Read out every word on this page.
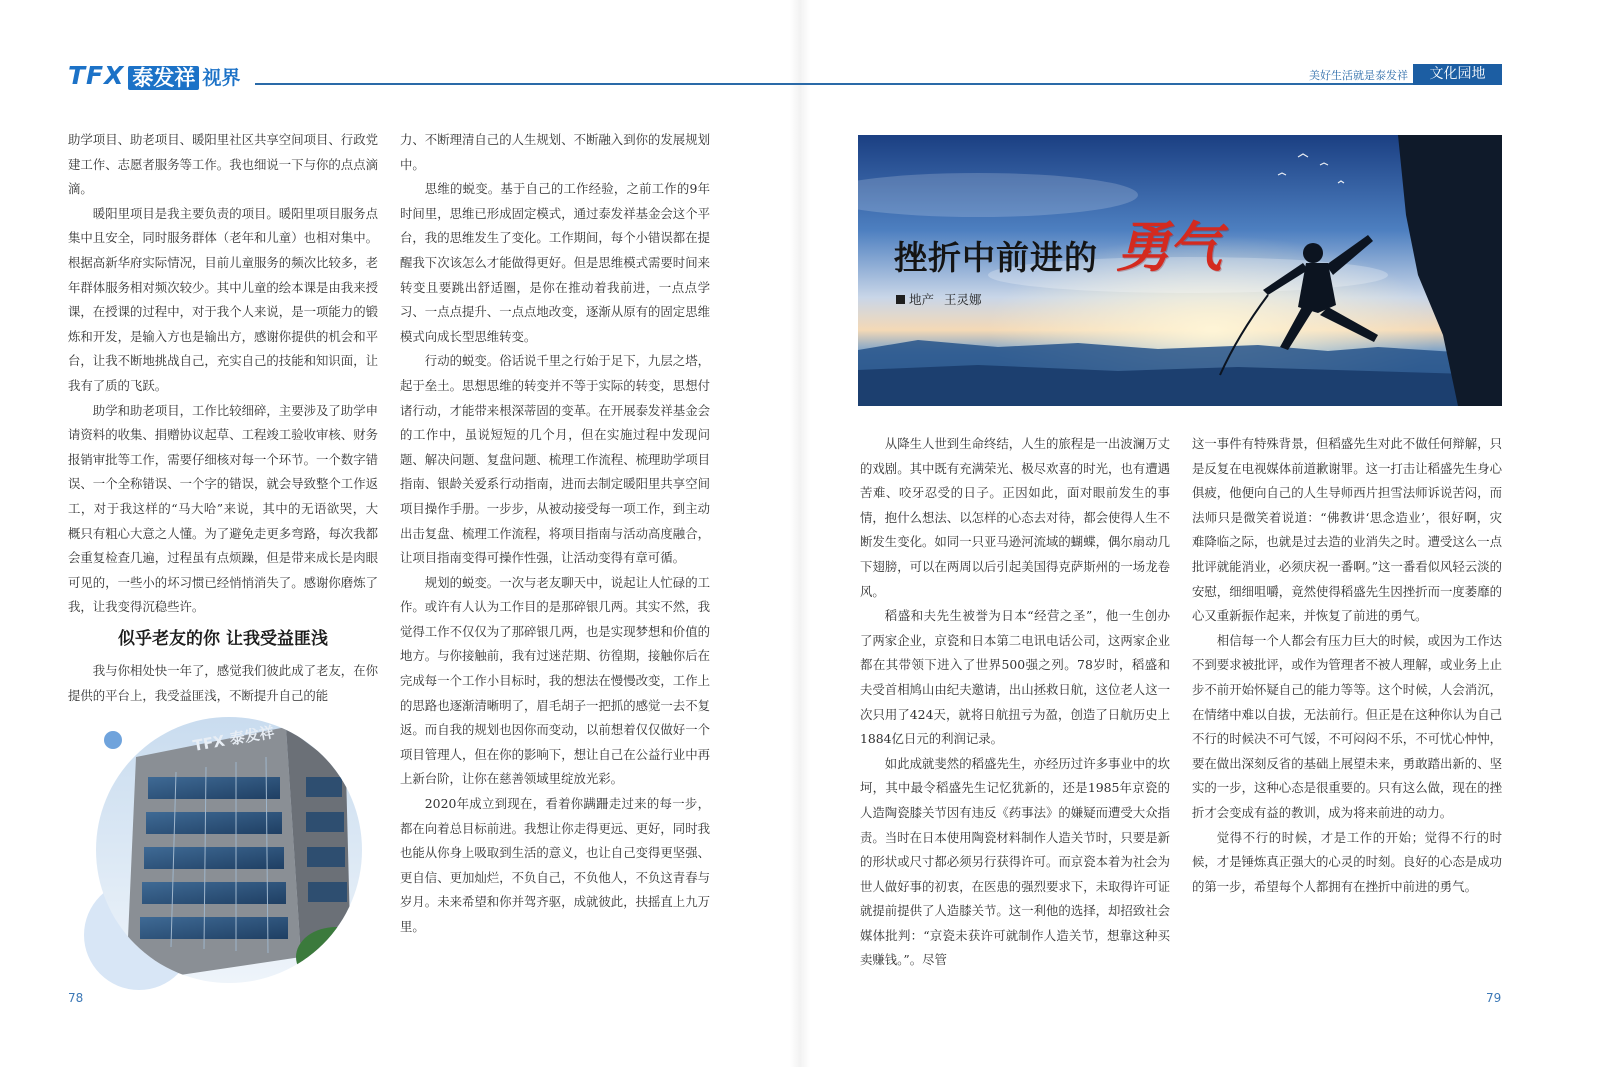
TFX 泰发祥 视界	美好生活就是泰发祥	文化园地

助学项目、助老项目、暖阳里社区共享空间项目、行政党建工作、志愿者服务等工作。我也细说一下与你的点点滴滴。

暖阳里项目是我主要负责的项目。暖阳里项目服务点集中且安全，同时服务群体（老年和儿童）也相对集中。根据高新华府实际情况，目前儿童服务的频次比较多，老年群体服务相对频次较少。其中儿童的绘本课是由我来授课，在授课的过程中，对于我个人来说，是一项能力的锻炼和开发，是输入方也是输出方，感谢你提供的机会和平台，让我不断地挑战自己，充实自己的技能和知识面，让我有了质的飞跃。

助学和助老项目，工作比较细碎，主要涉及了助学申请资料的收集、捐赠协议起草、工程竣工验收审核、财务报销审批等工作，需要仔细核对每一个环节。一个数字错误、一个全称错误、一个字的错误，就会导致整个工作返工，对于我这样的“马大哈”来说，其中的无语欲哭，大概只有粗心大意之人懂。为了避免走更多弯路，每次我都会重复检查几遍，过程虽有点烦躁，但是带来成长是肉眼可见的，一些小的坏习惯已经悄悄消失了。感谢你磨炼了我，让我变得沉稳些许。

似乎老友的你 让我受益匪浅

我与你相处快一年了，感觉我们彼此成了老友，在你提供的平台上，我受益匪浅，不断提升自己的能

TFX 泰发祥

力、不断理清自己的人生规划、不断融入到你的发展规划中。

思维的蜕变。基于自己的工作经验，之前工作的9年时间里，思维已形成固定模式，通过泰发祥基金会这个平台，我的思维发生了变化。工作期间，每个小错误都在提醒我下次该怎么才能做得更好。但是思维模式需要时间来转变且要跳出舒适圈，是你在推动着我前进，一点点学习、一点点提升、一点点地改变，逐渐从原有的固定思维模式向成长型思维转变。

行动的蜕变。俗话说千里之行始于足下，九层之塔，起于垒土。思想思维的转变并不等于实际的转变，思想付诸行动，才能带来根深蒂固的变革。在开展泰发祥基金会的工作中，虽说短短的几个月，但在实施过程中发现问题、解决问题、复盘问题、梳理工作流程、梳理助学项目指南、银龄关爱系行动指南，进而去制定暖阳里共享空间项目操作手册。一步步，从被动接受每一项工作，到主动出击复盘、梳理工作流程，将项目指南与活动高度融合，让项目指南变得可操作性强，让活动变得有章可循。

规划的蜕变。一次与老友聊天中，说起让人忙碌的工作。或许有人认为工作目的是那碎银几两。其实不然，我觉得工作不仅仅为了那碎银几两，也是实现梦想和价值的地方。与你接触前，我有过迷茫期、彷徨期，接触你后在完成每一个工作小目标时，我的想法在慢慢改变，工作上的思路也逐渐清晰明了，眉毛胡子一把抓的感觉一去不复返。而自我的规划也因你而变动，以前想着仅仅做好一个项目管理人，但在你的影响下，想让自己在公益行业中再上新台阶，让你在慈善领域里绽放光彩。

2020年成立到现在，看着你蹒跚走过来的每一步，都在向着总目标前进。我想让你走得更远、更好，同时我也能从你身上吸取到生活的意义，也让自己变得更坚强、更自信、更加灿烂，不负自己，不负他人，不负这青春与岁月。未来希望和你并驾齐驱，成就彼此，扶摇直上九万里。

78
挫折中前进的 勇气
地产 王灵娜

从降生人世到生命终结，人生的旅程是一出波澜万丈的戏剧。其中既有充满荣光、极尽欢喜的时光，也有遭遇苦难、咬牙忍受的日子。正因如此，面对眼前发生的事情，抱什么想法、以怎样的心态去对待，都会使得人生不断发生变化。如同一只亚马逊河流域的蝴蝶，偶尔扇动几下翅膀，可以在两周以后引起美国得克萨斯州的一场龙卷风。

稻盛和夫先生被誉为日本“经营之圣”，他一生创办了两家企业，京瓷和日本第二电讯电话公司，这两家企业都在其带领下进入了世界500强之列。78岁时，稻盛和夫受首相鸠山由纪夫邀请，出山拯救日航，这位老人这一次只用了424天，就将日航扭亏为盈，创造了日航历史上1884亿日元的利润记录。

如此成就斐然的稻盛先生，亦经历过许多事业中的坎坷，其中最令稻盛先生记忆犹新的，还是1985年京瓷的人造陶瓷膝关节因有违反《药事法》的嫌疑而遭受大众指责。当时在日本使用陶瓷材料制作人造关节时，只要是新的形状或尺寸都必须另行获得许可。而京瓷本着为社会为世人做好事的初衷，在医患的强烈要求下，未取得许可证就提前提供了人造膝关节。这一利他的选择，却招致社会媒体批判：“京瓷未获许可就制作人造关节，想靠这种买卖赚钱。”。尽管

这一事件有特殊背景，但稻盛先生对此不做任何辩解，只是反复在电视媒体前道歉谢罪。这一打击让稻盛先生身心俱疲，他便向自己的人生导师西片担雪法师诉说苦闷，而法师只是微笑着说道：“佛教讲‘思念造业’，很好啊，灾难降临之际，也就是过去造的业消失之时。遭受这么一点批评就能消业，必须庆祝一番啊。”这一番看似风轻云淡的安慰，细细咀嚼，竟然使得稻盛先生因挫折而一度萎靡的心又重新振作起来，并恢复了前进的勇气。

相信每一个人都会有压力巨大的时候，或因为工作达不到要求被批评，或作为管理者不被人理解，或业务上止步不前开始怀疑自己的能力等等。这个时候，人会消沉，在情绪中难以自拔，无法前行。但正是在这种你认为自己不行的时候决不可气馁，不可闷闷不乐，不可忧心忡忡，要在做出深刻反省的基础上展望未来，勇敢踏出新的、坚实的一步，这种心态是很重要的。只有这么做，现在的挫折才会变成有益的教训，成为将来前进的动力。

觉得不行的时候，才是工作的开始；觉得不行的时候，才是锤炼真正强大的心灵的时刻。良好的心态是成功的第一步，希望每个人都拥有在挫折中前进的勇气。

79
